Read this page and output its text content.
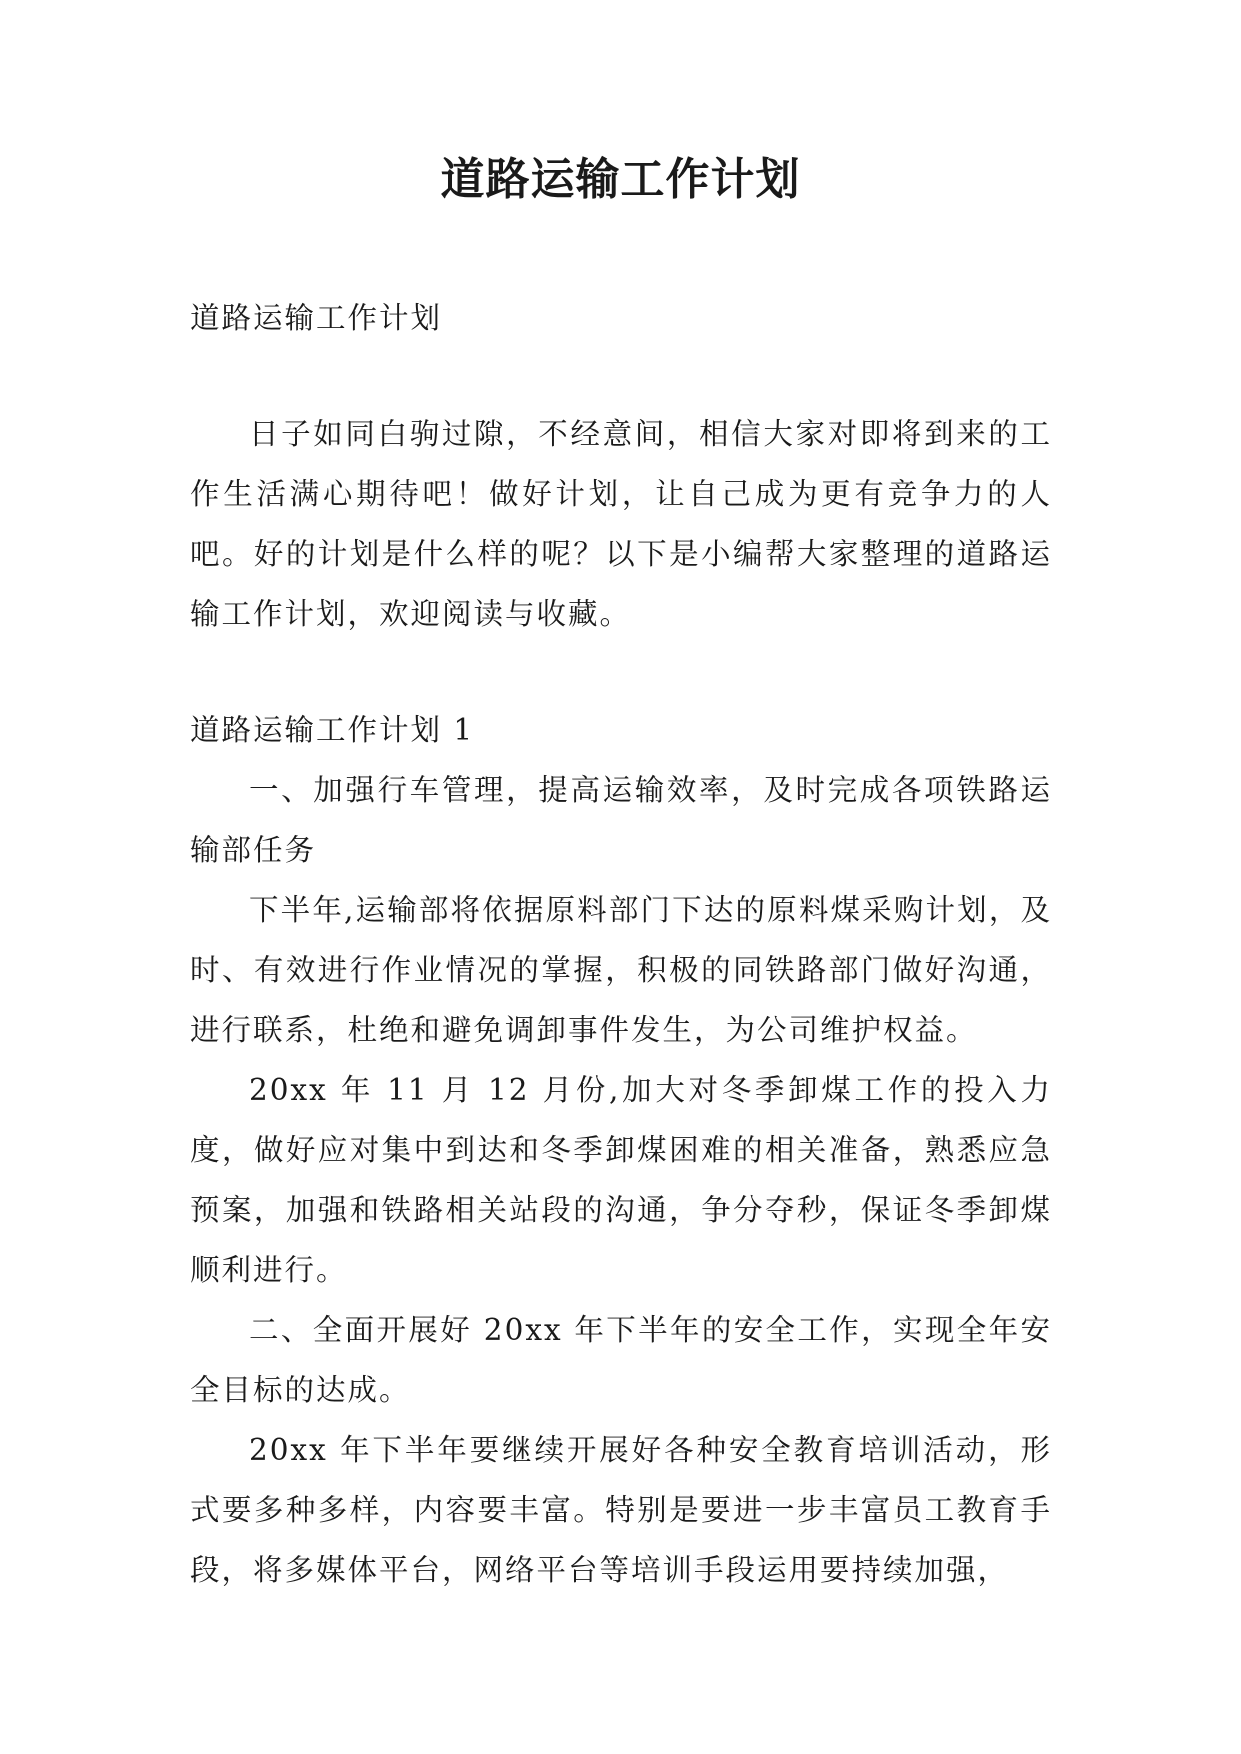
道路运输工作计划

道路运输工作计划

日子如同白驹过隙，不经意间，相信大家对即将到来的工作生活满心期待吧！做好计划，让自己成为更有竞争力的人吧。好的计划是什么样的呢？以下是小编帮大家整理的道路运输工作计划，欢迎阅读与收藏。

道路运输工作计划 1

一、加强行车管理，提高运输效率，及时完成各项铁路运输部任务

下半年,运输部将依据原料部门下达的原料煤采购计划，及时、有效进行作业情况的掌握，积极的同铁路部门做好沟通，进行联系，杜绝和避免调卸事件发生，为公司维护权益。

20xx 年 11 月 12 月份,加大对冬季卸煤工作的投入力度，做好应对集中到达和冬季卸煤困难的相关准备，熟悉应急预案，加强和铁路相关站段的沟通，争分夺秒，保证冬季卸煤顺利进行。

二、全面开展好 20xx 年下半年的安全工作，实现全年安全目标的达成。

20xx 年下半年要继续开展好各种安全教育培训活动，形式要多种多样，内容要丰富。特别是要进一步丰富员工教育手段，将多媒体平台，网络平台等培训手段运用要持续加强，
